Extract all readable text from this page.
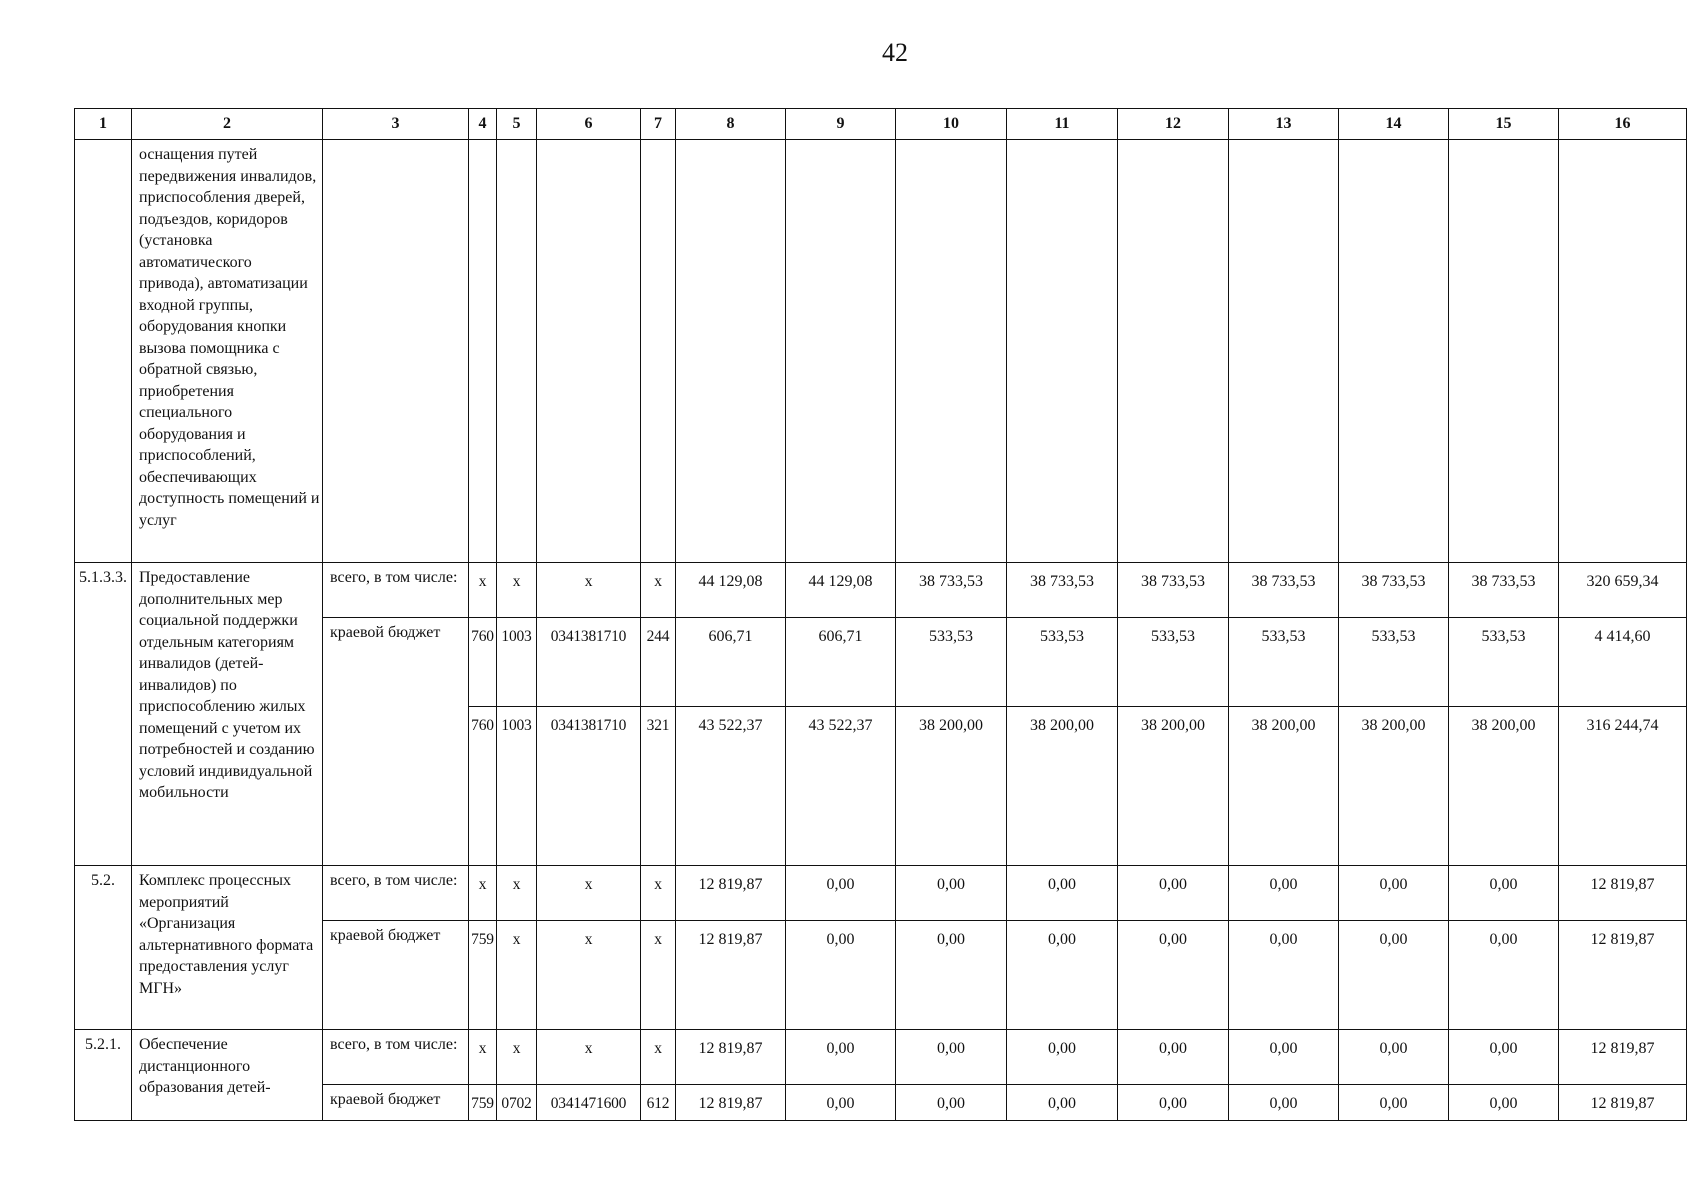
42
1	2	3	4	5	6	7	8	9	10	11	12	13	14	15	16
	оснащения путей передвижения инвалидов, приспособления дверей, подъездов, коридоров (установка автоматического привода), автоматизации входной группы, оборудования кнопки вызова помощника с обратной связью, приобретения специального оборудования и приспособлений, обеспечивающих доступность помещений и услуг														
5.1.3.3.	Предоставление дополнительных мер социальной поддержки отдельным категориям инвалидов (детей-инвалидов) по приспособлению жилых помещений с учетом их потребностей и созданию условий индивидуальной мобильности	всего, в том числе:	x	x	x	x	44 129,08	44 129,08	38 733,53	38 733,53	38 733,53	38 733,53	38 733,53	38 733,53	320 659,34
		краевой бюджет	760	1003	0341381710	244	606,71	606,71	533,53	533,53	533,53	533,53	533,53	533,53	4 414,60
			760	1003	0341381710	321	43 522,37	43 522,37	38 200,00	38 200,00	38 200,00	38 200,00	38 200,00	38 200,00	316 244,74
5.2.	Комплекс процессных мероприятий «Организация альтернативного формата предоставления услуг МГН»	всего, в том числе:	x	x	x	x	12 819,87	0,00	0,00	0,00	0,00	0,00	0,00	0,00	12 819,87
		краевой бюджет	759	x	x	x	12 819,87	0,00	0,00	0,00	0,00	0,00	0,00	0,00	12 819,87
5.2.1.	Обеспечение дистанционного образования детей-	всего, в том числе:	x	x	x	x	12 819,87	0,00	0,00	0,00	0,00	0,00	0,00	0,00	12 819,87
		краевой бюджет	759	0702	0341471600	612	12 819,87	0,00	0,00	0,00	0,00	0,00	0,00	0,00	12 819,87
